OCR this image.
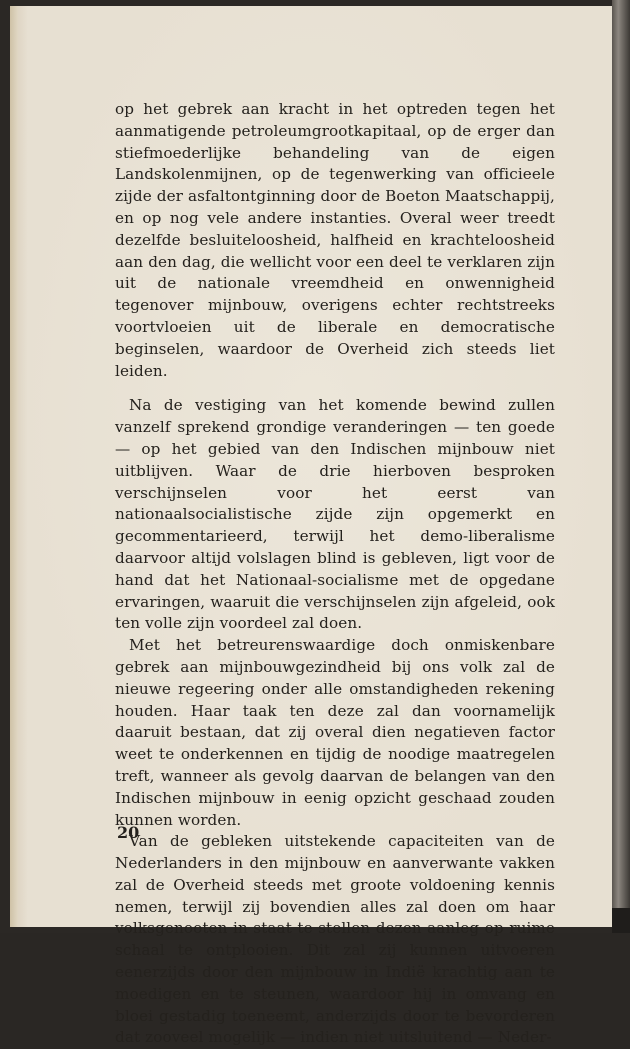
op het gebrek aan kracht in het optreden tegen het aanmatigende petroleumgrootkapitaal, op de erger dan stiefmoederlijke behandeling van de eigen Landskolenmijnen, op de tegenwerking van officieele zijde der asfaltontginning door de Boeton Maatschappij, en op nog vele andere instanties. Overal weer treedt dezelfde besluiteloosheid, halfheid en krachteloosheid aan den dag, die wellicht voor een deel te verklaren zijn uit de nationale vreemdheid en onwennigheid tegenover mijnbouw, overigens echter rechtstreeks voortvloeien uit de liberale en democratische beginselen, waardoor de Overheid zich steeds liet leiden.

Na de vestiging van het komende bewind zullen vanzelf sprekend grondige veranderingen — ten goede — op het gebied van den Indischen mijnbouw niet uitblijven. Waar de drie hierboven besproken verschijnselen voor het eerst van nationaalsocialistische zijde zijn opgemerkt en gecommentarieerd, terwijl het demo-liberalisme daarvoor altijd volslagen blind is gebleven, ligt voor de hand dat het Nationaal-socialisme met de opgedane ervaringen, waaruit die verschijnselen zijn afgeleid, ook ten volle zijn voordeel zal doen.

Met het betreurenswaardige doch onmiskenbare gebrek aan mijnbouwgezindheid bij ons volk zal de nieuwe regeering onder alle omstandigheden rekening houden. Haar taak ten deze zal dan voornamelijk daaruit bestaan, dat zij overal dien negatieven factor weet te onderkennen en tijdig de noodige maatregelen treft, wanneer als gevolg daarvan de belangen van den Indischen mijnbouw in eenig opzicht geschaad zouden kunnen worden.

Van de gebleken uitstekende capaciteiten van de Nederlanders in den mijnbouw en aanverwante vakken zal de Overheid steeds met groote voldoening kennis nemen, terwijl zij bovendien alles zal doen om haar volksgenooten in staat te stellen dezen aanleg op ruime schaal te ontplooien. Dit zal zij kunnen uitvoeren eenerzijds door den mijnbouw in Indië krachtig aan te moedigen en te steunen, waardoor hij in omvang en bloei gestadig toeneemt, anderzijds door te bevorderen dat zooveel mogelijk — indien niet uitsluitend — Neder-

20
